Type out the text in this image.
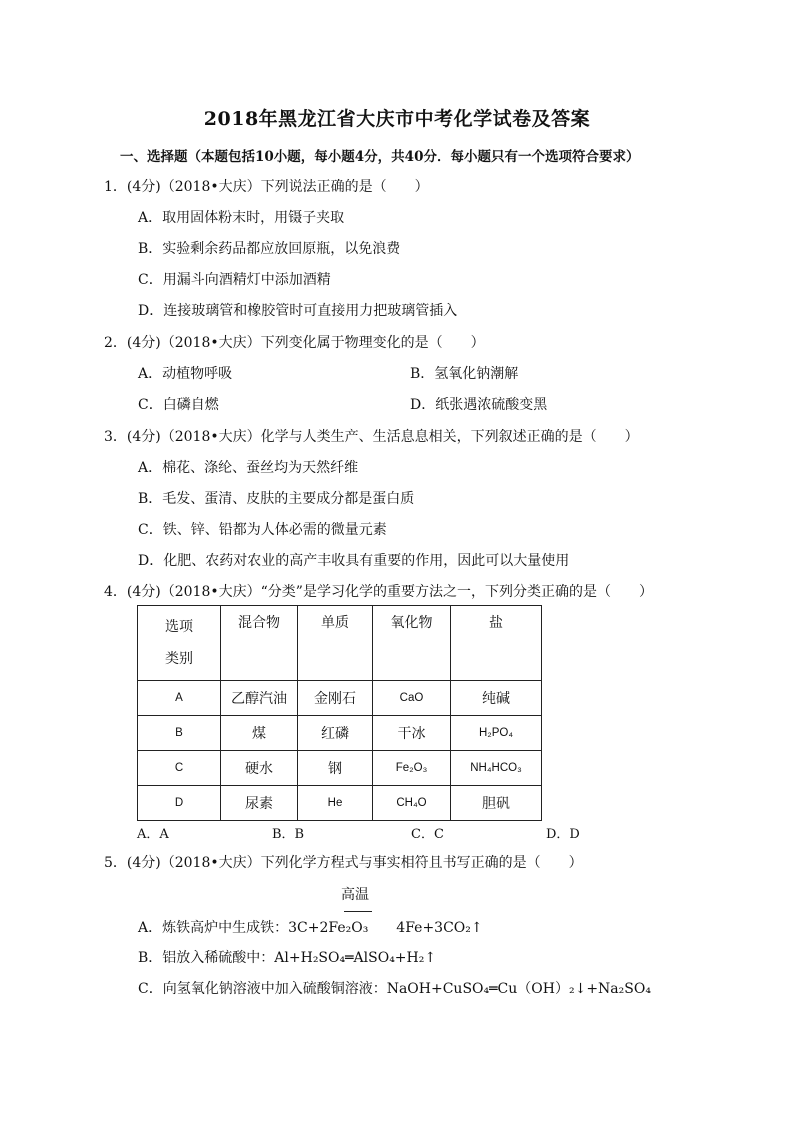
2018年黑龙江省大庆市中考化学试卷及答案
一、选择题（本题包括10小题，每小题4分，共40分．每小题只有一个选项符合要求）
1．(4分)（2018•大庆）下列说法正确的是（　　）
A．取用固体粉末时，用镊子夹取
B．实验剩余药品都应放回原瓶，以免浪费
C．用漏斗向酒精灯中添加酒精
D．连接玻璃管和橡胶管时可直接用力把玻璃管插入
2．(4分)（2018•大庆）下列变化属于物理变化的是（　　）
A．动植物呼吸	B．氢氧化钠潮解
C．白磷自燃	D．纸张遇浓硫酸变黑
3．(4分)（2018•大庆）化学与人类生产、生活息息相关，下列叙述正确的是（　　）
A．棉花、涤纶、蚕丝均为天然纤维
B．毛发、蛋清、皮肤的主要成分都是蛋白质
C．铁、锌、铅都为人体必需的微量元素
D．化肥、农药对农业的高产丰收具有重要的作用，因此可以大量使用
4．(4分)（2018•大庆）“分类”是学习化学的重要方法之一，下列分类正确的是（　　）
选项
类别	混合物	单质	氧化物	盐
A	乙醇汽油	金刚石	CaO	纯碱
B	煤	红磷	干冰	H₂PO₄
C	硬水	钢	Fe₂O₃	NH₄HCO₃
D	尿素	He	CH₄O	胆矾
A．A	B．B	C．C	D．D
5．(4分)（2018•大庆）下列化学方程式与事实相符且书写正确的是（　　）
高温
A．炼铁高炉中生成铁：3C+2Fe₂O₃　　4Fe+3CO₂↑
B．铝放入稀硫酸中：Al+H₂SO₄═AlSO₄+H₂↑
C．向氢氧化钠溶液中加入硫酸铜溶液：NaOH+CuSO₄═Cu（OH）₂↓+Na₂SO₄
